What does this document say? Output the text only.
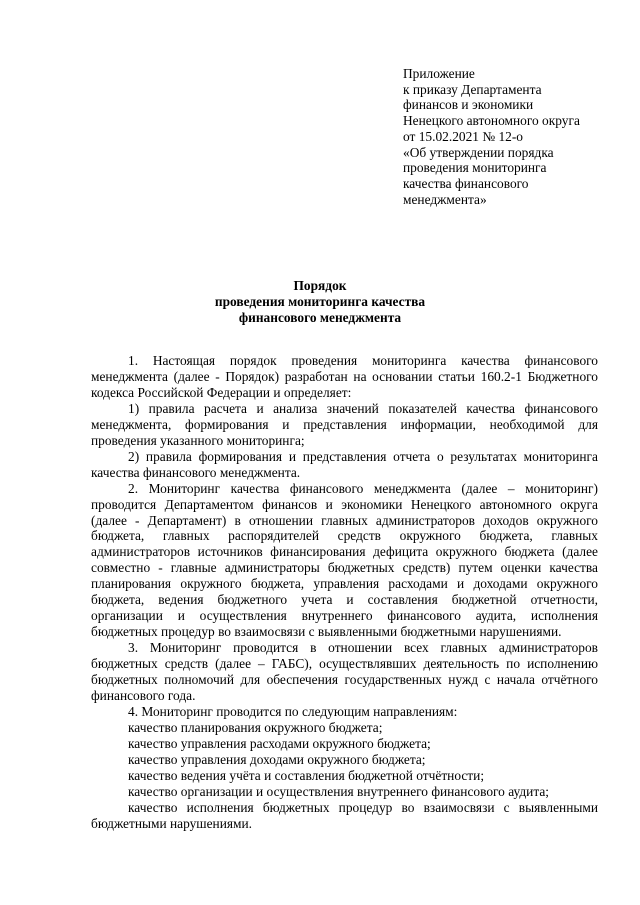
Приложение
к приказу Департамента
финансов и экономики
Ненецкого автономного округа
от 15.02.2021 № 12-о
«Об утверждении порядка
проведения мониторинга
качества финансового
менеджмента»
Порядок
проведения мониторинга качества
финансового менеджмента

1. Настоящая порядок проведения мониторинга качества финансового менеджмента (далее - Порядок) разработан на основании статьи 160.2-1 Бюджетного кодекса Российской Федерации и определяет:

1) правила расчета и анализа значений показателей качества финансового менеджмента, формирования и представления информации, необходимой для проведения указанного мониторинга;

2) правила формирования и представления отчета о результатах мониторинга качества финансового менеджмента.

2. Мониторинг качества финансового менеджмента (далее – мониторинг) проводится Департаментом финансов и экономики Ненецкого автономного округа (далее - Департамент) в отношении главных администраторов доходов окружного бюджета, главных распорядителей средств окружного бюджета, главных администраторов источников финансирования дефицита окружного бюджета (далее совместно - главные администраторы бюджетных средств) путем оценки качества планирования окружного бюджета, управления расходами и доходами окружного бюджета, ведения бюджетного учета и составления бюджетной отчетности, организации и осуществления внутреннего финансового аудита, исполнения бюджетных процедур во взаимосвязи с выявленными бюджетными нарушениями.

3. Мониторинг проводится в отношении всех главных администраторов бюджетных средств (далее – ГАБС), осуществлявших деятельность по исполнению бюджетных полномочий для обеспечения государственных нужд с начала отчётного финансового года.

4. Мониторинг проводится по следующим направлениям:

качество планирования окружного бюджета;

качество управления расходами окружного бюджета;

качество управления доходами окружного бюджета;

качество ведения учёта и составления бюджетной отчётности;

качество организации и осуществления внутреннего финансового аудита;

качество исполнения бюджетных процедур во взаимосвязи с выявленными бюджетными нарушениями.
